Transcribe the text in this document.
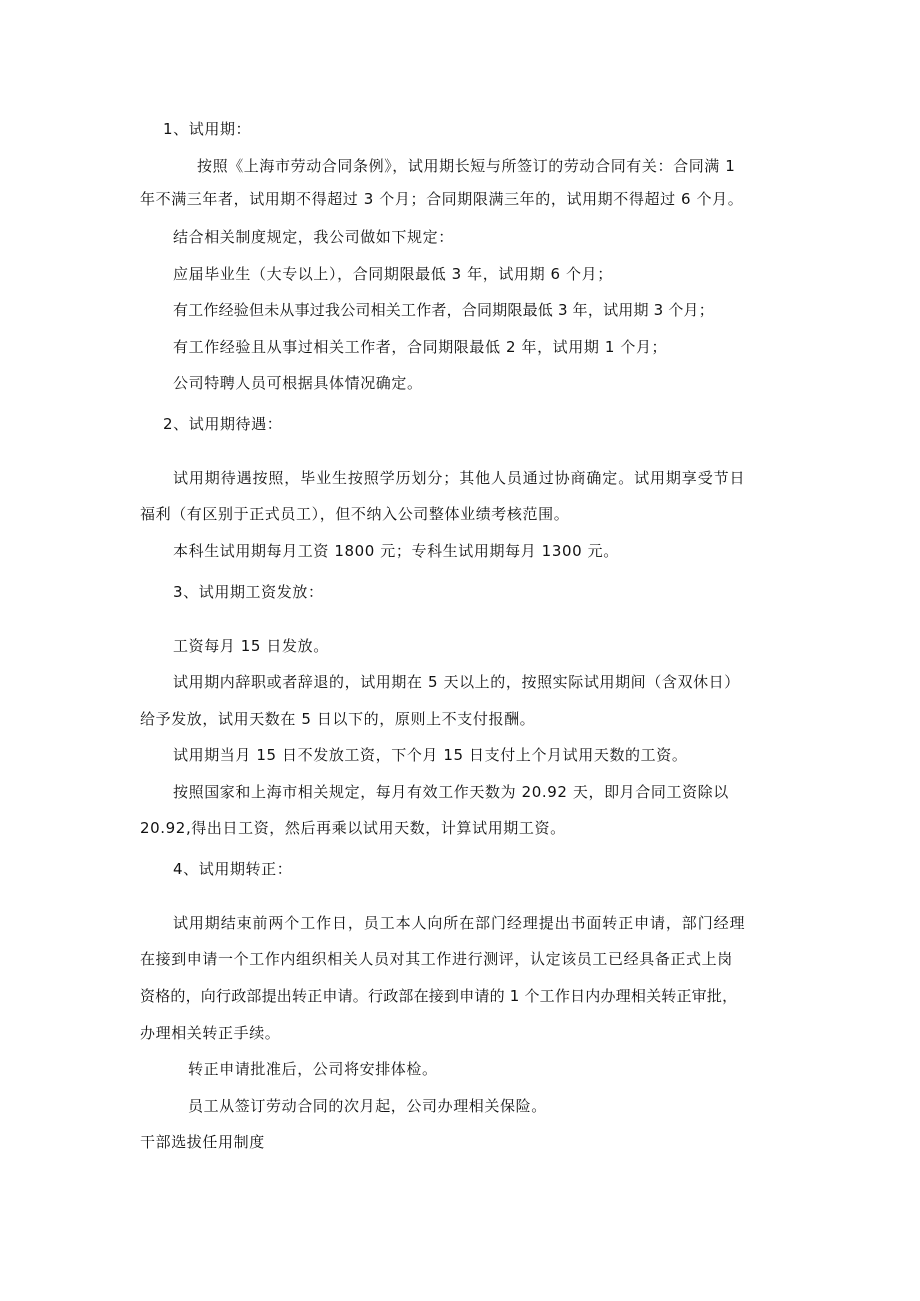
1、试用期：
按照《上海市劳动合同条例》，试用期长短与所签订的劳动合同有关：合同满 1
年不满三年者，试用期不得超过 3 个月；合同期限满三年的，试用期不得超过 6 个月。
结合相关制度规定，我公司做如下规定：
应届毕业生（大专以上），合同期限最低 3 年，试用期 6 个月；
有工作经验但未从事过我公司相关工作者，合同期限最低 3 年，试用期 3 个月；
有工作经验且从事过相关工作者，合同期限最低 2 年，试用期 1 个月；
公司特聘人员可根据具体情况确定。
2、试用期待遇：
试用期待遇按照，毕业生按照学历划分；其他人员通过协商确定。试用期享受节日
福利（有区别于正式员工），但不纳入公司整体业绩考核范围。
本科生试用期每月工资 1800 元；专科生试用期每月 1300 元。
3、试用期工资发放：
工资每月 15 日发放。
试用期内辞职或者辞退的，试用期在 5 天以上的，按照实际试用期间（含双休日）
给予发放，试用天数在 5 日以下的，原则上不支付报酬。
试用期当月 15 日不发放工资，下个月 15 日支付上个月试用天数的工资。
按照国家和上海市相关规定，每月有效工作天数为 20.92 天，即月合同工资除以
20.92,得出日工资，然后再乘以试用天数，计算试用期工资。
4、试用期转正：
试用期结束前两个工作日，员工本人向所在部门经理提出书面转正申请，部门经理
在接到申请一个工作内组织相关人员对其工作进行测评，认定该员工已经具备正式上岗
资格的，向行政部提出转正申请。行政部在接到申请的 1 个工作日内办理相关转正审批，
办理相关转正手续。
转正申请批准后，公司将安排体检。
员工从签订劳动合同的次月起，公司办理相关保险。
干部选拔任用制度
